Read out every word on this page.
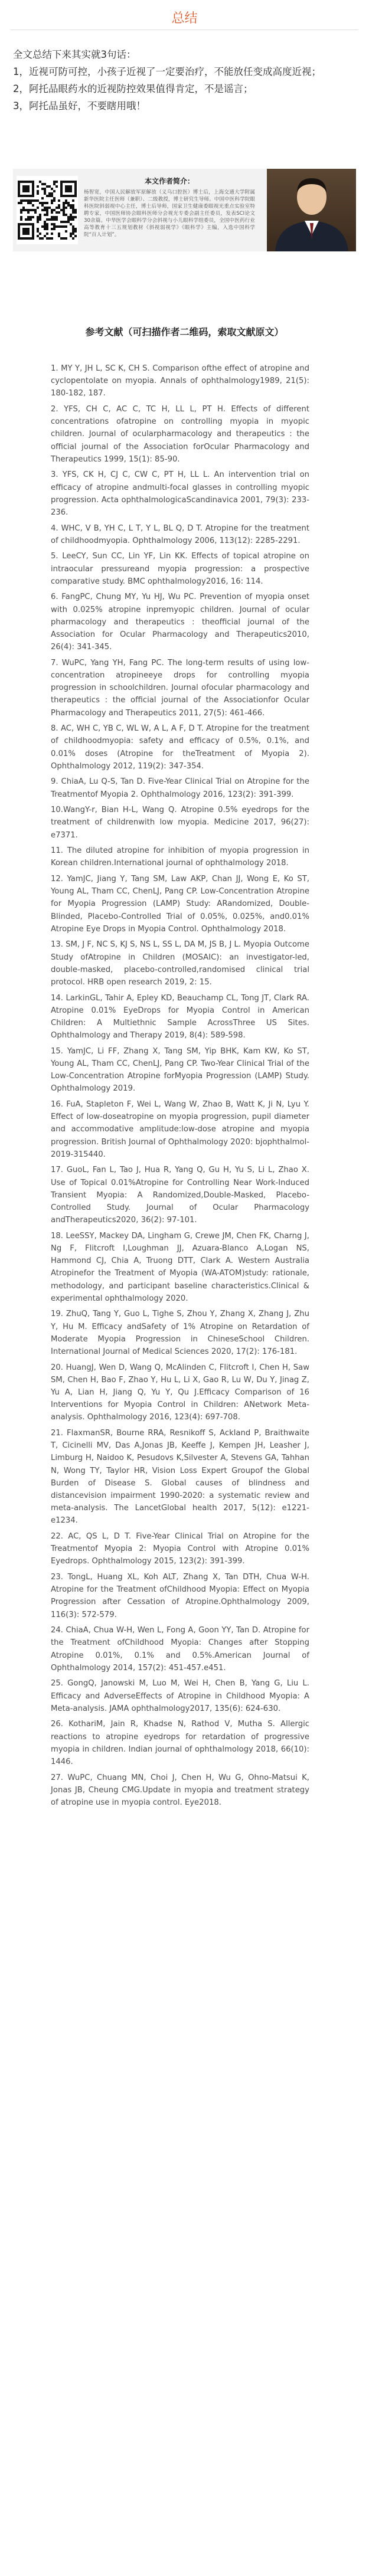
总结

全文总结下来其实就3句话：

1，近视可防可控，小孩子近视了一定要治疗，不能放任变成高度近视；

2，阿托品眼药水的近视防控效果值得肯定，不是谣言；

3，阿托品虽好，不要瞎用哦！

本文作者简介：
杨智宽，中国人民解放军原解放（义乌口腔医）博士后，上海交通大学附属新华医院主任医师（兼职）、二级教授，博士研究生导师。中国中医科学院眼科医院斜弱视中心主任，博士后导师，国家卫生健康委眼视光重点实验室特聘专家，中国医师协会眼科医师分会视光专委会副主任委员，发表SCI论文30余篇。中华医学会眼科学分会斜视与小儿眼科学组委员，全国中医药行业高等教育十三五规划教材《斜视弱视学》《眼科学》主编，入选中国科学院“百人计划”。
参考文献（可扫描作者二维码，索取文献原文）

1. MY Y, JH L, SC K, CH S. Comparison ofthe effect of atropine and cyclopentolate on myopia. Annals of ophthalmology1989, 21(5): 180-182, 187.

2. YFS, CH C, AC C, TC H, LL L, PT H. Effects of different concentrations ofatropine on controlling myopia in myopic children. Journal of ocularpharmacology and therapeutics : the official journal of the Association forOcular Pharmacology and Therapeutics 1999, 15(1): 85-90.

3. YFS, CK H, CJ C, CW C, PT H, LL L. An intervention trial on efficacy of atropine andmulti-focal glasses in controlling myopic progression. Acta ophthalmologicaScandinavica 2001, 79(3): 233-236.

4. WHC, V B, YH C, L T, Y L, BL Q, D T. Atropine for the treatment of childhoodmyopia. Ophthalmology 2006, 113(12): 2285-2291.

5. LeeCY, Sun CC, Lin YF, Lin KK. Effects of topical atropine on intraocular pressureand myopia progression: a prospective comparative study. BMC ophthalmology2016, 16: 114.

6. FangPC, Chung MY, Yu HJ, Wu PC. Prevention of myopia onset with 0.025% atropine inpremyopic children. Journal of ocular pharmacology and therapeutics : theofficial journal of the Association for Ocular Pharmacology and Therapeutics2010, 26(4): 341-345.

7. WuPC, Yang YH, Fang PC. The long-term results of using low-concentration atropineeye drops for controlling myopia progression in schoolchildren. Journal ofocular pharmacology and therapeutics : the official journal of the Associationfor Ocular Pharmacology and Therapeutics 2011, 27(5): 461-466.

8. AC, WH C, YB C, WL W, A L, A F, D T. Atropine for the treatment of childhoodmyopia: safety and efficacy of 0.5%, 0.1%, and 0.01% doses (Atropine for theTreatment of Myopia 2). Ophthalmology 2012, 119(2): 347-354.

9. ChiaA, Lu Q-S, Tan D. Five-Year Clinical Trial on Atropine for the Treatmentof Myopia 2. Ophthalmology 2016, 123(2): 391-399.

10.WangY-r, Bian H-L, Wang Q. Atropine 0.5% eyedrops for the treatment of childrenwith low myopia. Medicine 2017, 96(27): e7371.

11. The diluted atropine for inhibition of myopia progression in Korean children.International journal of ophthalmology 2018.

12. YamJC, Jiang Y, Tang SM, Law AKP, Chan JJ, Wong E, Ko ST, Young AL, Tham CC, ChenLJ, Pang CP. Low-Concentration Atropine for Myopia Progression (LAMP) Study: ARandomized, Double-Blinded, Placebo-Controlled Trial of 0.05%, 0.025%, and0.01% Atropine Eye Drops in Myopia Control. Ophthalmology 2018.

13. SM, J F, NC S, KJ S, NS L, SS L, DA M, JS B, J L. Myopia Outcome Study ofAtropine in Children (MOSAIC): an investigator-led, double-masked, placebo-controlled,randomised clinical trial protocol. HRB open research 2019, 2: 15.

14. LarkinGL, Tahir A, Epley KD, Beauchamp CL, Tong JT, Clark RA. Atropine 0.01% EyeDrops for Myopia Control in American Children: A Multiethnic Sample AcrossThree US Sites. Ophthalmology and Therapy 2019, 8(4): 589-598.

15. YamJC, Li FF, Zhang X, Tang SM, Yip BHK, Kam KW, Ko ST, Young AL, Tham CC, ChenLJ, Pang CP. Two-Year Clinical Trial of the Low-Concentration Atropine forMyopia Progression (LAMP) Study. Ophthalmology 2019.

16. FuA, Stapleton F, Wei L, Wang W, Zhao B, Watt K, Ji N, Lyu Y. Effect of low-doseatropine on myopia progression, pupil diameter and accommodative amplitude:low-dose atropine and myopia progression. British Journal of Ophthalmology 2020: bjophthalmol-2019-315440.

17. GuoL, Fan L, Tao J, Hua R, Yang Q, Gu H, Yu S, Li L, Zhao X. Use of Topical 0.01%Atropine for Controlling Near Work-Induced Transient Myopia: A Randomized,Double-Masked, Placebo-Controlled Study. Journal of Ocular Pharmacology andTherapeutics2020, 36(2): 97-101.

18. LeeSSY, Mackey DA, Lingham G, Crewe JM, Chen FK, Charng J, Ng F, Flitcroft I,Loughman JJ, Azuara-Blanco A,Logan NS, Hammond CJ, Chia A, Truong DTT, Clark A. Western Australia Atropinefor the Treatment of Myopia (WA-ATOM)study: rationale, methodology, and participant baseline characteristics.Clinical & experimental ophthalmology 2020.

19. ZhuQ, Tang Y, Guo L, Tighe S, Zhou Y, Zhang X, Zhang J, Zhu Y, Hu M. Efficacy andSafety of 1% Atropine on Retardation of Moderate Myopia Progression in ChineseSchool Children. International Journal of Medical Sciences 2020, 17(2): 176-181.

20. HuangJ, Wen D, Wang Q, McAlinden C, Flitcroft I, Chen H, Saw SM, Chen H, Bao F, Zhao Y, Hu L, Li X, Gao R, Lu W, Du Y, Jinag Z, Yu A, Lian H, Jiang Q, Yu Y, Qu J.Efficacy Comparison of 16 Interventions for Myopia Control in Children: ANetwork Meta-analysis. Ophthalmology 2016, 123(4): 697-708.

21. FlaxmanSR, Bourne RRA, Resnikoff S, Ackland P, Braithwaite T, Cicinelli MV, Das A,Jonas JB, Keeffe J, Kempen JH, Leasher J, Limburg H, Naidoo K, Pesudovs K,Silvester A, Stevens GA, Tahhan N, Wong TY, Taylor HR, Vision Loss Expert Groupof the Global Burden of Disease S. Global causes of blindness and distancevision impairment 1990-2020: a systematic review and meta-analysis. The LancetGlobal health 2017, 5(12): e1221-e1234.

22. AC, QS L, D T. Five-Year Clinical Trial on Atropine for the Treatmentof Myopia 2: Myopia Control with Atropine 0.01% Eyedrops. Ophthalmology 2015, 123(2): 391-399.

23. TongL, Huang XL, Koh ALT, Zhang X, Tan DTH, Chua W-H. Atropine for the Treatment ofChildhood Myopia: Effect on Myopia Progression after Cessation of Atropine.Ophthalmology 2009, 116(3): 572-579.

24. ChiaA, Chua W-H, Wen L, Fong A, Goon YY, Tan D. Atropine for the Treatment ofChildhood Myopia: Changes after Stopping Atropine 0.01%, 0.1% and 0.5%.American Journal of Ophthalmology 2014, 157(2): 451-457.e451.

25. GongQ, Janowski M, Luo M, Wei H, Chen B, Yang G, Liu L. Efficacy and AdverseEffects of Atropine in Childhood Myopia: A Meta-analysis. JAMA ophthalmology2017, 135(6): 624-630.

26. KothariM, Jain R, Khadse N, Rathod V, Mutha S. Allergic reactions to atropine eyedrops for retardation of progressive myopia in children. Indian journal of ophthalmology 2018, 66(10): 1446.

27. WuPC, Chuang MN, Choi J, Chen H, Wu G, Ohno-Matsui K, Jonas JB, Cheung CMG.Update in myopia and treatment strategy of atropine use in myopia control. Eye2018.
